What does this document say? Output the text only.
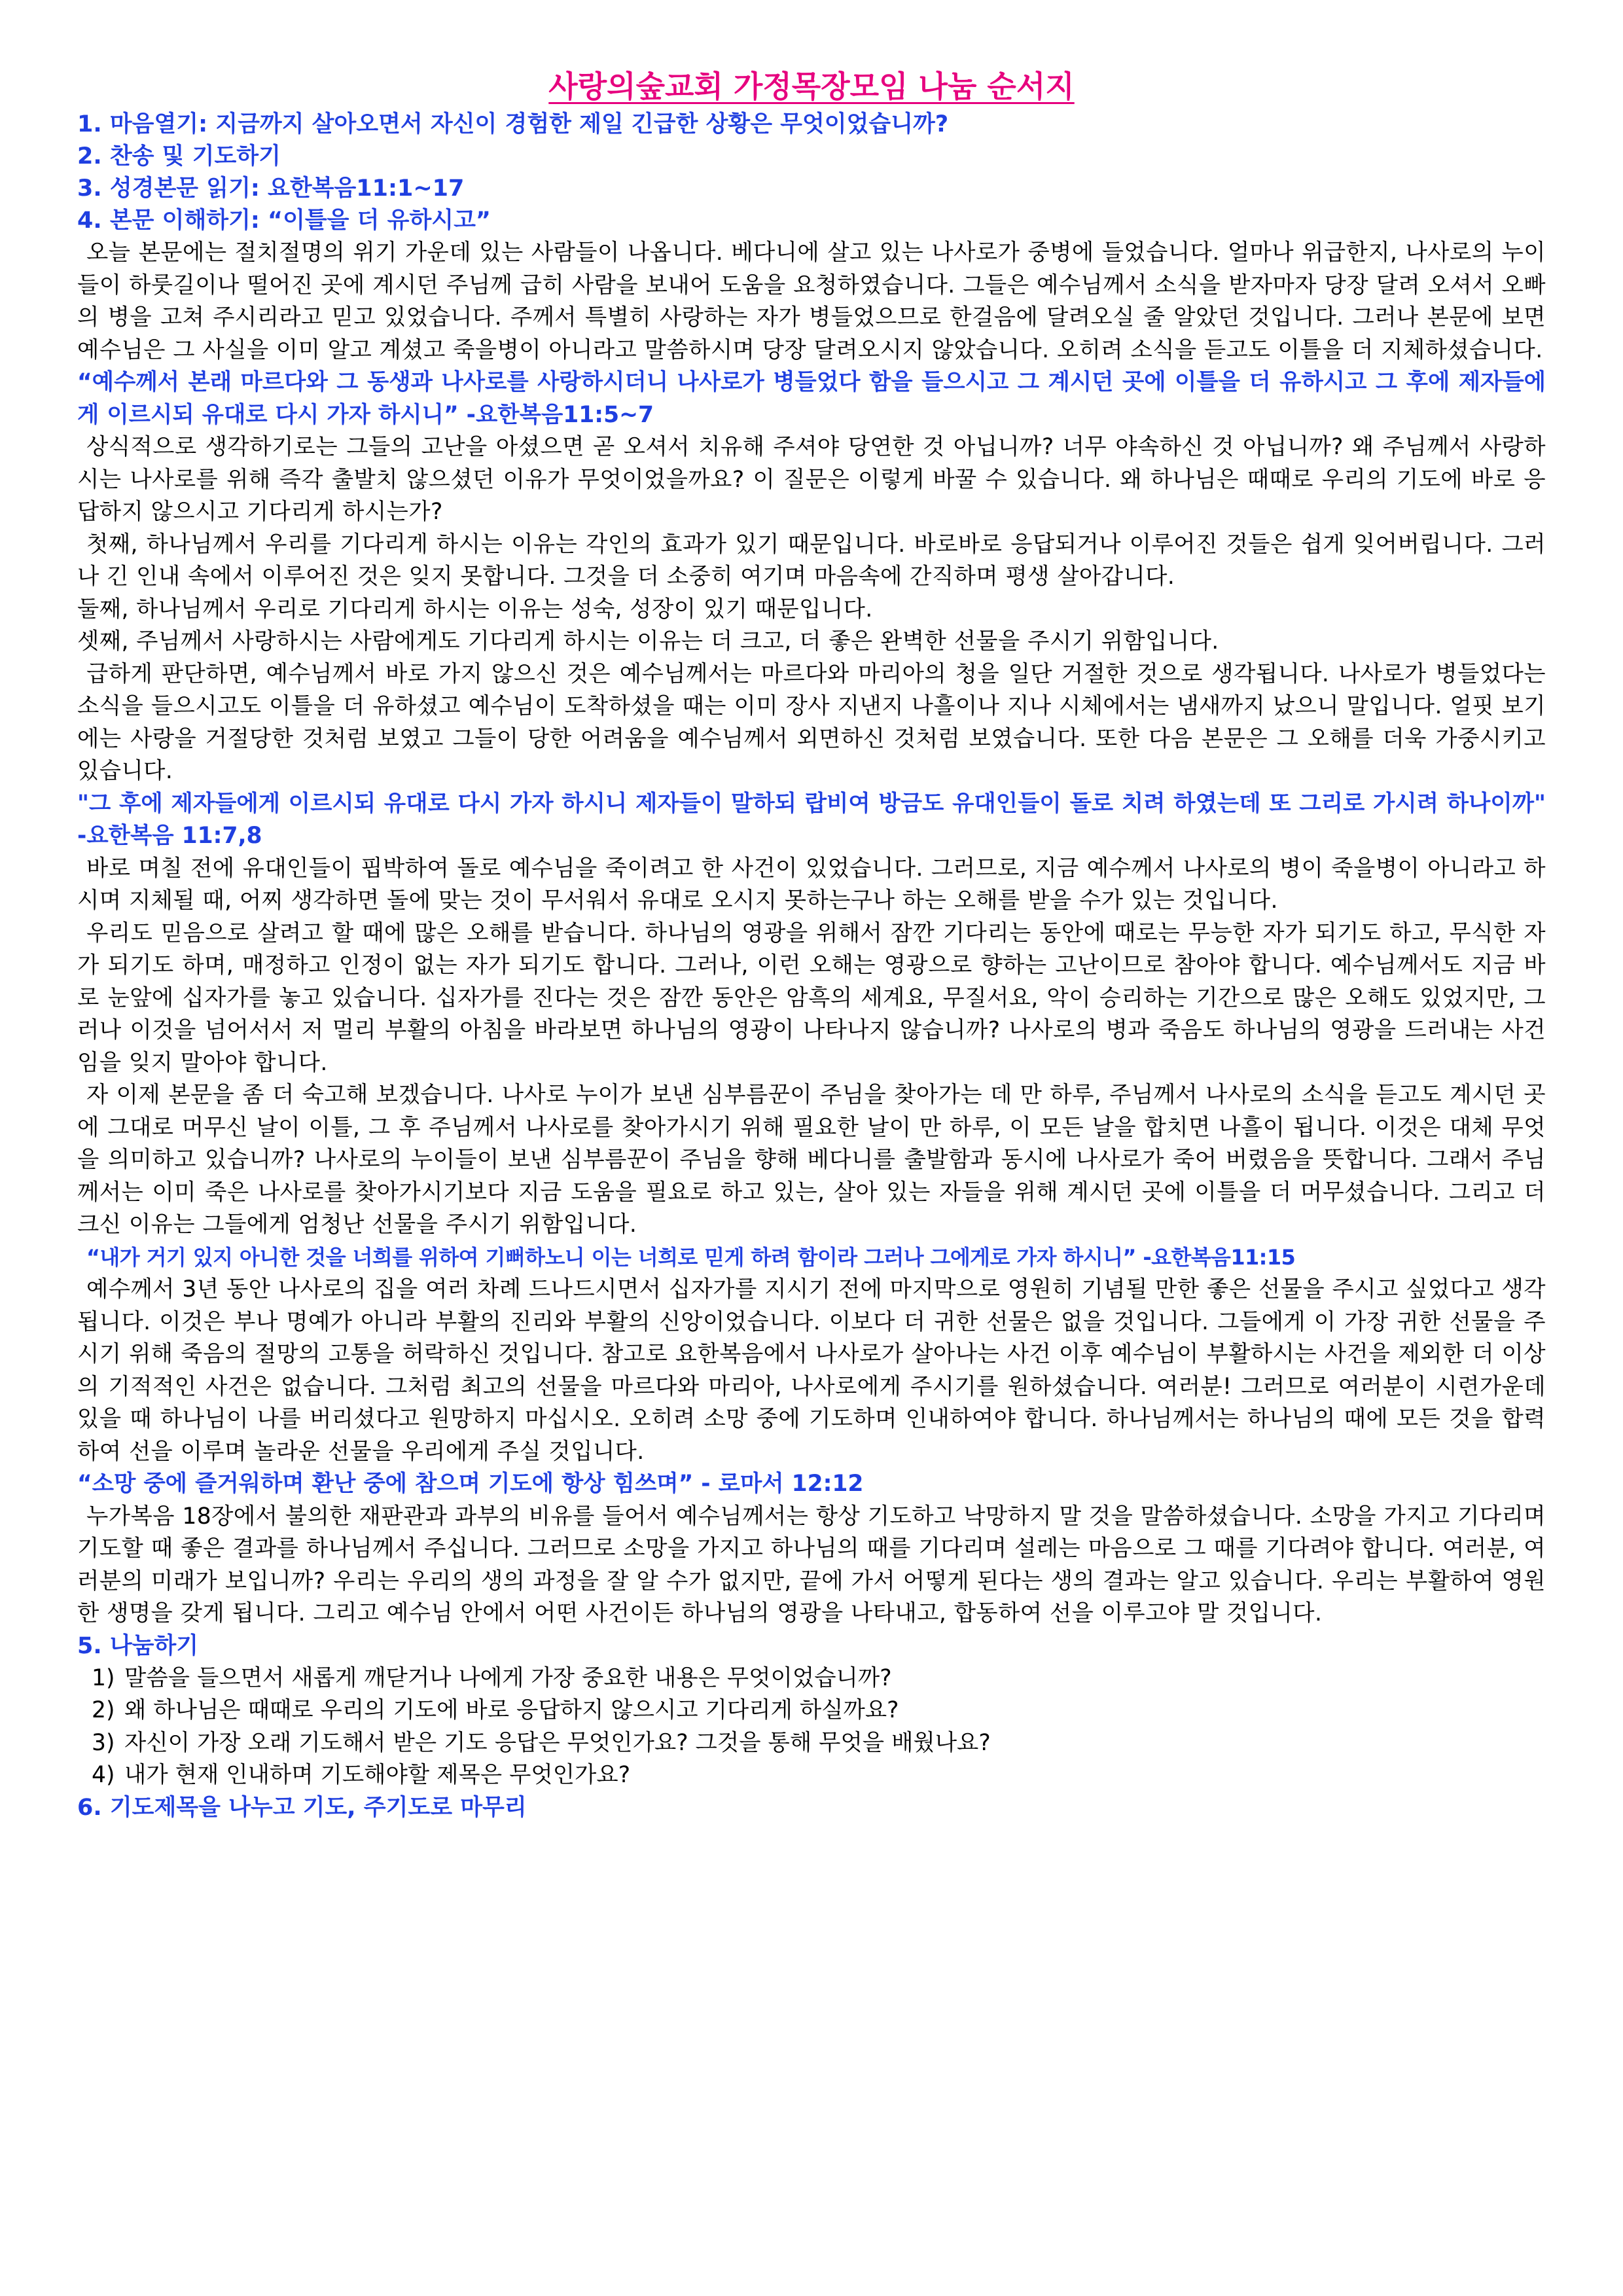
사랑의숲교회 가정목장모임 나눔 순서지

1. 마음열기: 지금까지 살아오면서 자신이 경험한 제일 긴급한 상황은 무엇이었습니까?

2. 찬송 및 기도하기

3. 성경본문 읽기: 요한복음11:1~17

4. 본문 이해하기: “이틀을 더 유하시고”

오늘 본문에는 절치절명의 위기 가운데 있는 사람들이 나옵니다. 베다니에 살고 있는 나사로가 중병에 들었습니다. 얼마나 위급한지, 나사로의 누이들이 하룻길이나 떨어진 곳에 계시던 주님께 급히 사람을 보내어 도움을 요청하였습니다. 그들은 예수님께서 소식을 받자마자 당장 달려 오셔서 오빠의 병을 고쳐 주시리라고 믿고 있었습니다. 주께서 특별히 사랑하는 자가 병들었으므로 한걸음에 달려오실 줄 알았던 것입니다. 그러나 본문에 보면 예수님은 그 사실을 이미 알고 계셨고 죽을병이 아니라고 말씀하시며 당장 달려오시지 않았습니다. 오히려 소식을 듣고도 이틀을 더 지체하셨습니다.

“예수께서 본래 마르다와 그 동생과 나사로를 사랑하시더니 나사로가 병들었다 함을 들으시고 그 계시던 곳에 이틀을 더 유하시고 그 후에 제자들에게 이르시되 유대로 다시 가자 하시니” -요한복음11:5~7

상식적으로 생각하기로는 그들의 고난을 아셨으면 곧 오셔서 치유해 주셔야 당연한 것 아닙니까? 너무 야속하신 것 아닙니까? 왜 주님께서 사랑하시는 나사로를 위해 즉각 출발치 않으셨던 이유가 무엇이었을까요? 이 질문은 이렇게 바꿀 수 있습니다. 왜 하나님은 때때로 우리의 기도에 바로 응답하지 않으시고 기다리게 하시는가?

첫째, 하나님께서 우리를 기다리게 하시는 이유는 각인의 효과가 있기 때문입니다. 바로바로 응답되거나 이루어진 것들은 쉽게 잊어버립니다. 그러나 긴 인내 속에서 이루어진 것은 잊지 못합니다. 그것을 더 소중히 여기며 마음속에 간직하며 평생 살아갑니다.

둘째, 하나님께서 우리로 기다리게 하시는 이유는 성숙, 성장이 있기 때문입니다.

셋째, 주님께서 사랑하시는 사람에게도 기다리게 하시는 이유는 더 크고, 더 좋은 완벽한 선물을 주시기 위함입니다.

급하게 판단하면, 예수님께서 바로 가지 않으신 것은 예수님께서는 마르다와 마리아의 청을 일단 거절한 것으로 생각됩니다. 나사로가 병들었다는 소식을 들으시고도 이틀을 더 유하셨고 예수님이 도착하셨을 때는 이미 장사 지낸지 나흘이나 지나 시체에서는 냄새까지 났으니 말입니다. 얼핏 보기에는 사랑을 거절당한 것처럼 보였고 그들이 당한 어려움을 예수님께서 외면하신 것처럼 보였습니다. 또한 다음 본문은 그 오해를 더욱 가중시키고 있습니다.

"그 후에 제자들에게 이르시되 유대로 다시 가자 하시니 제자들이 말하되 랍비여 방금도 유대인들이 돌로 치려 하였는데 또 그리로 가시려 하나이까" -요한복음 11:7,8

바로 며칠 전에 유대인들이 핍박하여 돌로 예수님을 죽이려고 한 사건이 있었습니다. 그러므로, 지금 예수께서 나사로의 병이 죽을병이 아니라고 하시며 지체될 때, 어찌 생각하면 돌에 맞는 것이 무서워서 유대로 오시지 못하는구나 하는 오해를 받을 수가 있는 것입니다.

우리도 믿음으로 살려고 할 때에 많은 오해를 받습니다. 하나님의 영광을 위해서 잠깐 기다리는 동안에 때로는 무능한 자가 되기도 하고, 무식한 자가 되기도 하며, 매정하고 인정이 없는 자가 되기도 합니다. 그러나, 이런 오해는 영광으로 향하는 고난이므로 참아야 합니다. 예수님께서도 지금 바로 눈앞에 십자가를 놓고 있습니다. 십자가를 진다는 것은 잠깐 동안은 암흑의 세계요, 무질서요, 악이 승리하는 기간으로 많은 오해도 있었지만, 그러나 이것을 넘어서서 저 멀리 부활의 아침을 바라보면 하나님의 영광이 나타나지 않습니까? 나사로의 병과 죽음도 하나님의 영광을 드러내는 사건임을 잊지 말아야 합니다.

자 이제 본문을 좀 더 숙고해 보겠습니다. 나사로 누이가 보낸 심부름꾼이 주님을 찾아가는 데 만 하루, 주님께서 나사로의 소식을 듣고도 계시던 곳에 그대로 머무신 날이 이틀, 그 후 주님께서 나사로를 찾아가시기 위해 필요한 날이 만 하루, 이 모든 날을 합치면 나흘이 됩니다. 이것은 대체 무엇을 의미하고 있습니까? 나사로의 누이들이 보낸 심부름꾼이 주님을 향해 베다니를 출발함과 동시에 나사로가 죽어 버렸음을 뜻합니다. 그래서 주님께서는 이미 죽은 나사로를 찾아가시기보다 지금 도움을 필요로 하고 있는, 살아 있는 자들을 위해 계시던 곳에 이틀을 더 머무셨습니다. 그리고 더 크신 이유는 그들에게 엄청난 선물을 주시기 위함입니다.

“내가 거기 있지 아니한 것을 너희를 위하여 기뻐하노니 이는 너희로 믿게 하려 함이라 그러나 그에게로 가자 하시니” -요한복음11:15

예수께서 3년 동안 나사로의 집을 여러 차례 드나드시면서 십자가를 지시기 전에 마지막으로 영원히 기념될 만한 좋은 선물을 주시고 싶었다고 생각됩니다. 이것은 부나 명예가 아니라 부활의 진리와 부활의 신앙이었습니다. 이보다 더 귀한 선물은 없을 것입니다. 그들에게 이 가장 귀한 선물을 주시기 위해 죽음의 절망의 고통을 허락하신 것입니다. 참고로 요한복음에서 나사로가 살아나는 사건 이후 예수님이 부활하시는 사건을 제외한 더 이상의 기적적인 사건은 없습니다. 그처럼 최고의 선물을 마르다와 마리아, 나사로에게 주시기를 원하셨습니다. 여러분! 그러므로 여러분이 시련가운데 있을 때 하나님이 나를 버리셨다고 원망하지 마십시오. 오히려 소망 중에 기도하며 인내하여야 합니다. 하나님께서는 하나님의 때에 모든 것을 합력하여 선을 이루며 놀라운 선물을 우리에게 주실 것입니다.

“소망 중에 즐거워하며 환난 중에 참으며 기도에 항상 힘쓰며” - 로마서 12:12

누가복음 18장에서 불의한 재판관과 과부의 비유를 들어서 예수님께서는 항상 기도하고 낙망하지 말 것을 말씀하셨습니다. 소망을 가지고 기다리며 기도할 때 좋은 결과를 하나님께서 주십니다. 그러므로 소망을 가지고 하나님의 때를 기다리며 설레는 마음으로 그 때를 기다려야 합니다. 여러분, 여러분의 미래가 보입니까? 우리는 우리의 생의 과정을 잘 알 수가 없지만, 끝에 가서 어떻게 된다는 생의 결과는 알고 있습니다. 우리는 부활하여 영원한 생명을 갖게 됩니다. 그리고 예수님 안에서 어떤 사건이든 하나님의 영광을 나타내고, 합동하여 선을 이루고야 말 것입니다.

5. 나눔하기

1) 말씀을 들으면서 새롭게 깨닫거나 나에게 가장 중요한 내용은 무엇이었습니까?
2) 왜 하나님은 때때로 우리의 기도에 바로 응답하지 않으시고 기다리게 하실까요?
3) 자신이 가장 오래 기도해서 받은 기도 응답은 무엇인가요? 그것을 통해 무엇을 배웠나요?
4) 내가 현재 인내하며 기도해야할 제목은 무엇인가요?

6. 기도제목을 나누고 기도, 주기도로 마무리
